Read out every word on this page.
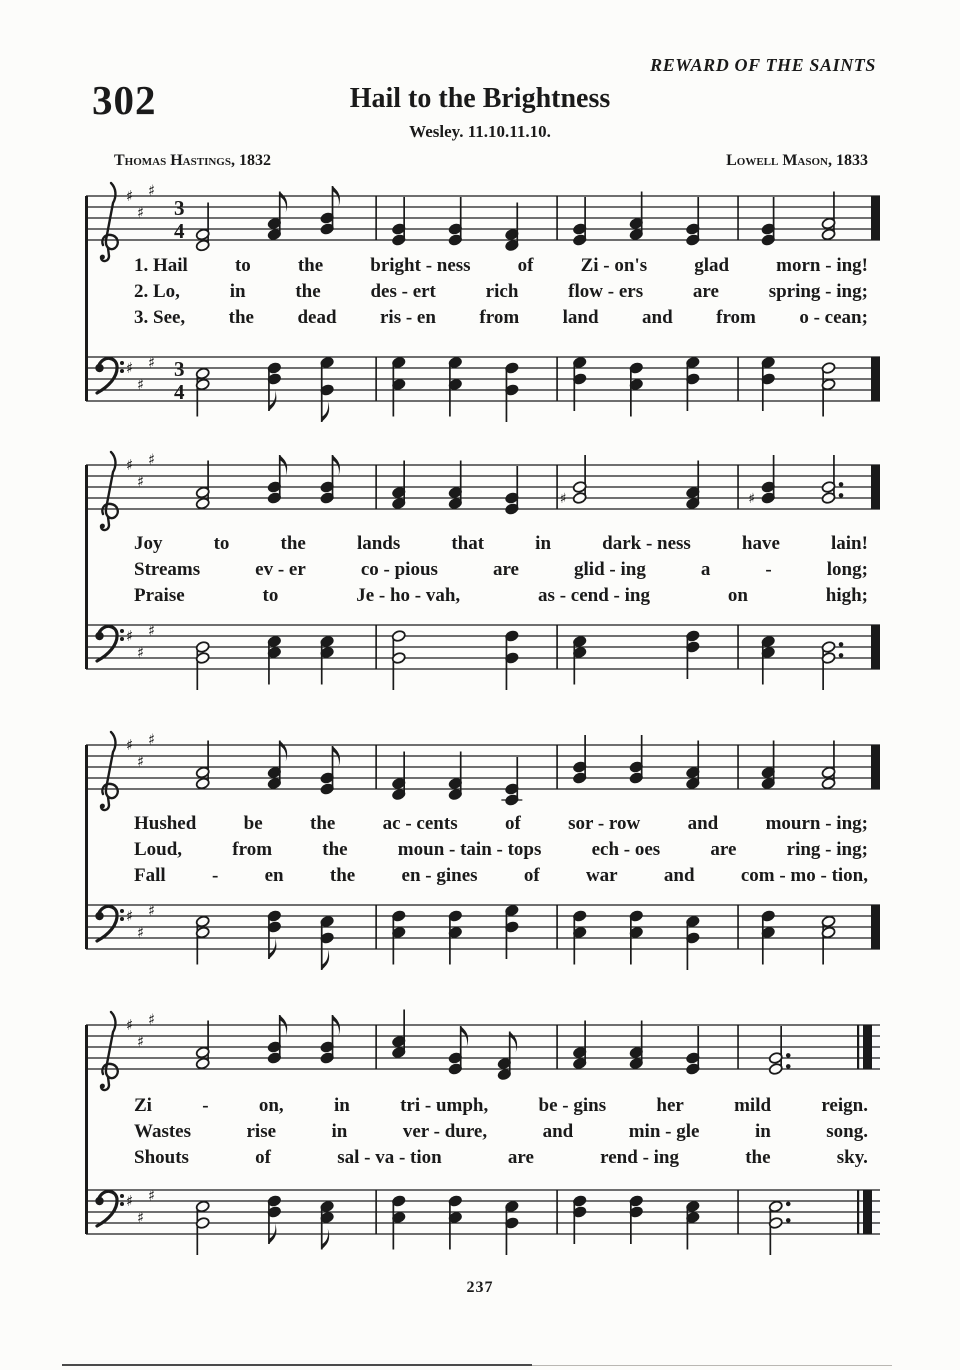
REWARD OF THE SAINTS
302	Hail to the Brightness
Wesley. 11.10.11.10.
Thomas Hastings, 1832	Lowell Mason, 1833
♯
♯
♯
3
4
1. Hail to the bright - ness of Zi - on's glad morn - ing!
2. Lo,	in	the	des - ert	rich	flow - ers	are	spring - ing;
3. See, the dead ris - en from land and from o - cean;
♯
♯
♯ 3
4
♯
♯
♯
♯	♯
Joy	to	the	lands	that	in	dark - ness	have	lain!
Streams	ev - er	co - pious	are	glid - ing	a	-	long;
Praise	to	Je - ho - vah,	as - cend - ing	on	high;
♯
♯
♯
♯
♯
♯
Hushed be the ac - cents of sor - row and mourn - ing;
Loud,	from	the	moun - tain - tops	ech - oes	are	ring - ing;
Fall - en the en - gines of war and com - mo - tion,
♯
♯
♯
♯
♯
♯
Zi	-	on,	in	tri - umph,	be - gins	her	mild	reign.
Wastes	rise	in	ver - dure,	and	min - gle	in	song.
Shouts	of	sal - va - tion	are	rend - ing	the	sky.
♯
♯
♯
237
